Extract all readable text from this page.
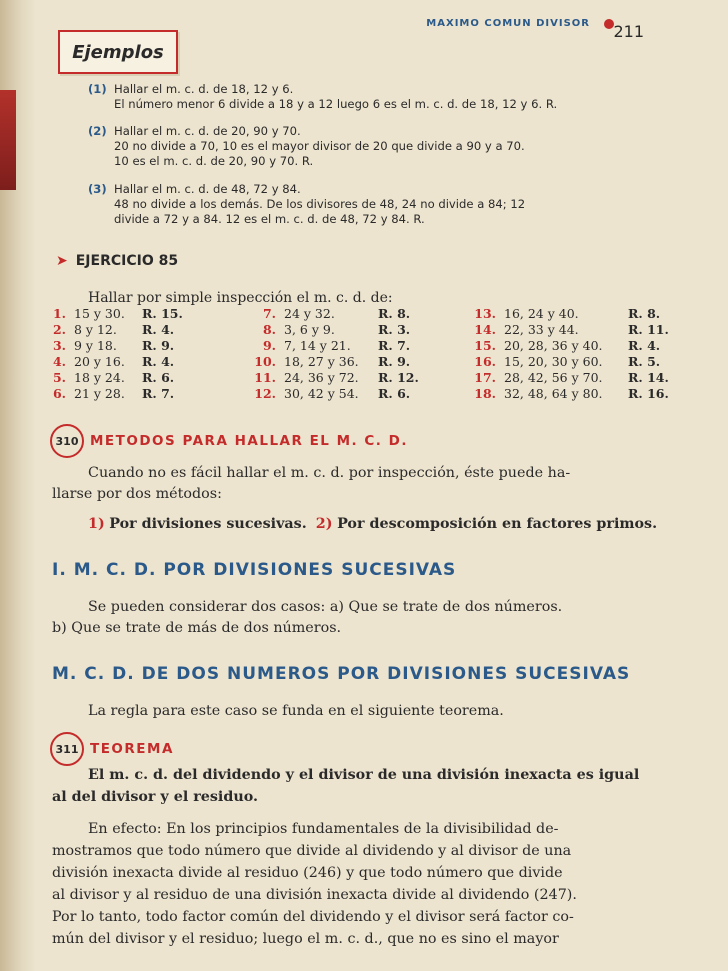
MAXIMO COMUN DIVISOR 211
Ejemplos
(1) Hallar el m. c. d. de 18, 12 y 6.
El número menor 6 divide a 18 y a 12 luego 6 es el m. c. d. de 18, 12 y 6. R.
(2) Hallar el m. c. d. de 20, 90 y 70.
20 no divide a 70, 10 es el mayor divisor de 20 que divide a 90 y a 70.
10 es el m. c. d. de 20, 90 y 70. R.
(3) Hallar el m. c. d. de 48, 72 y 84.
48 no divide a los demás. De los divisores de 48, 24 no divide a 84; 12
divide a 72 y a 84. 12 es el m. c. d. de 48, 72 y 84. R.
➤ EJERCICIO 85
Hallar por simple inspección el m. c. d. de:
1.	15 y 30.	R. 15.	7.	24 y 32.	R. 8.	13.	16, 24 y 40.	R. 8.
2.	8 y 12.	R. 4.	8.	3, 6 y 9.	R. 3.	14.	22, 33 y 44.	R. 11.
3.	9 y 18.	R. 9.	9.	7, 14 y 21.	R. 7.	15.	20, 28, 36 y 40.	R. 4.
4.	20 y 16.	R. 4.	10.	18, 27 y 36.	R. 9.	16.	15, 20, 30 y 60.	R. 5.
5.	18 y 24.	R. 6.	11.	24, 36 y 72.	R. 12.	17.	28, 42, 56 y 70.	R. 14.
6.	21 y 28.	R. 7.	12.	30, 42 y 54.	R. 6.	18.	32, 48, 64 y 80.	R. 16.
310 METODOS PARA HALLAR EL M. C. D.
Cuando no es fácil hallar el m. c. d. por inspección, éste puede ha-
llarse por dos métodos:
1) Por divisiones sucesivas. 2) Por descomposición en factores primos.
I. M. C. D. POR DIVISIONES SUCESIVAS
Se pueden considerar dos casos: a) Que se trate de dos números.
b) Que se trate de más de dos números.
M. C. D. DE DOS NUMEROS POR DIVISIONES SUCESIVAS
La regla para este caso se funda en el siguiente teorema.
311 TEOREMA
El m. c. d. del dividendo y el divisor de una división inexacta es igual
al del divisor y el residuo.
En efecto: En los principios fundamentales de la divisibilidad de-
mostramos que todo número que divide al dividendo y al divisor de una
división inexacta divide al residuo (246) y que todo número que divide
al divisor y al residuo de una división inexacta divide al dividendo (247).
Por lo tanto, todo factor común del dividendo y el divisor será factor co-
mún del divisor y el residuo; luego el m. c. d., que no es sino el mayor
